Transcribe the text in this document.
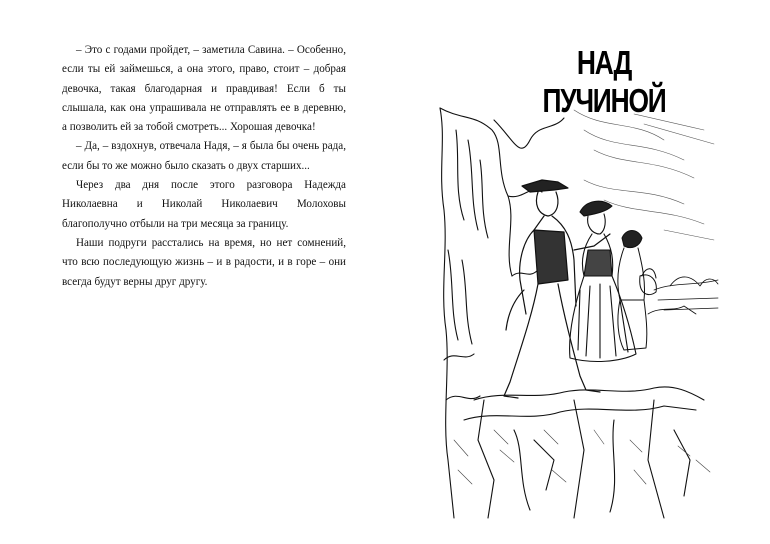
– Это с годами пройдет, – заметила Савина. – Особенно, если ты ей займешься, а она этого, право, стоит – добрая девочка, такая благодарная и правдивая! Если б ты слышала, как она упрашивала не отправлять ее в деревню, а позволить ей за тобой смотреть... Хорошая девочка!

– Да, – вздохнув, отвечала Надя, – я была бы очень рада, если бы то же можно было сказать о двух старших...

Через два дня после этого разговора Надежда Николаевна и Николай Николаевич Молоховы благополучно отбыли на три месяца за границу.

Наши подруги расстались на время, но нет сомнений, что всю последующую жизнь – и в радости, и в горе – они всегда будут верны друг другу.

НАД ПУЧИНОЙ
